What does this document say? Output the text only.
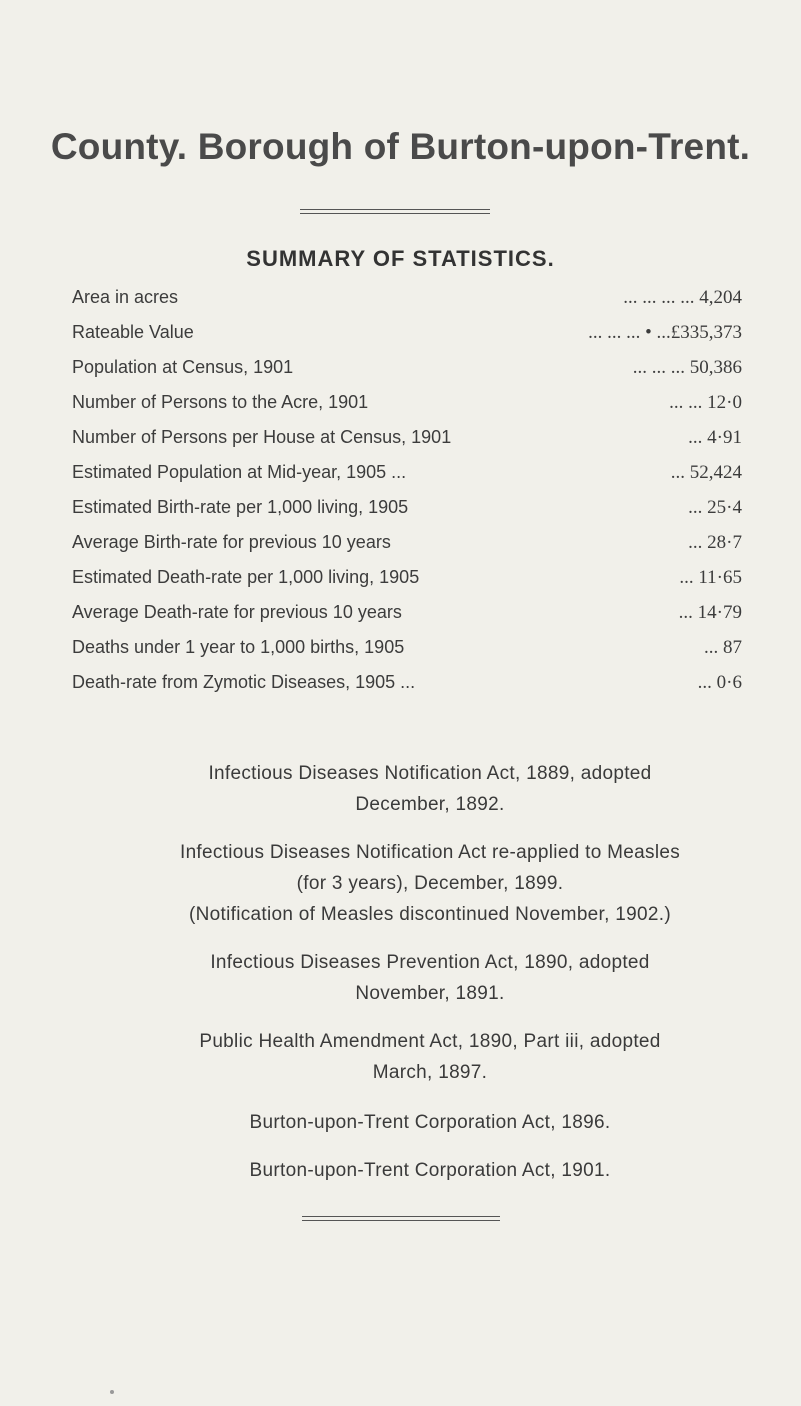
County. Borough of Burton-upon-Trent.
SUMMARY OF STATISTICS.
Area in acres	... ... ... ... 4,204
Rateable Value	... ... ... • ...£335,373
Population at Census, 1901	... ... ... 50,386
Number of Persons to the Acre, 1901	... ... 12·0
Number of Persons per House at Census, 1901	... 4·91
Estimated Population at Mid-year, 1905 ...	... 52,424
Estimated Birth-rate per 1,000 living, 1905	... 25·4
Average Birth-rate for previous 10 years	... 28·7
Estimated Death-rate per 1,000 living, 1905	... 11·65
Average Death-rate for previous 10 years	... 14·79
Deaths under 1 year to 1,000 births, 1905	... 87
Death-rate from Zymotic Diseases, 1905 ...	... 0·6
Infectious Diseases Notification Act, 1889, adopted
December, 1892.
Infectious Diseases Notification Act re-applied to Measles
(for 3 years), December, 1899.
(Notification of Measles discontinued November, 1902.)
Infectious Diseases Prevention Act, 1890, adopted
November, 1891.
Public Health Amendment Act, 1890, Part iii, adopted
March, 1897.
Burton-upon-Trent Corporation Act, 1896.
Burton-upon-Trent Corporation Act, 1901.
